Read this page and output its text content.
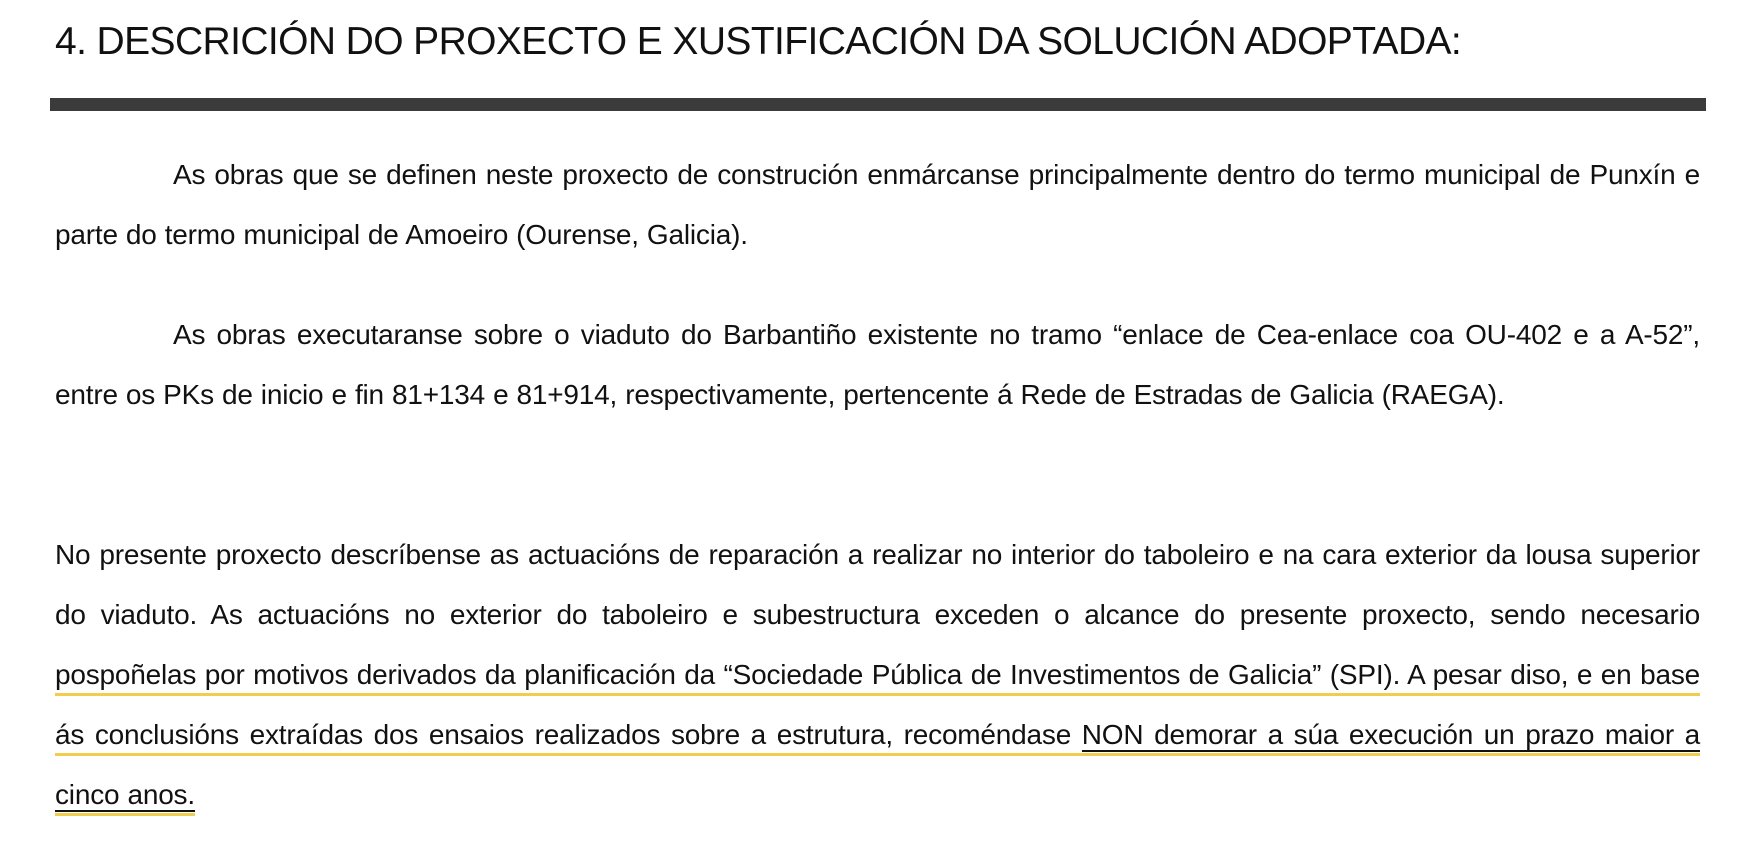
4. DESCRICIÓN DO PROXECTO E XUSTIFICACIÓN DA SOLUCIÓN ADOPTADA:

As obras que se definen neste proxecto de construción enmárcanse principalmente dentro do termo municipal de Punxín e parte do termo municipal de Amoeiro (Ourense, Galicia).

As obras executaranse sobre o viaduto do Barbantiño existente no tramo “enlace de Cea-enlace coa OU-402 e a A-52”, entre os PKs de inicio e fin 81+134 e 81+914, respectivamente, pertencente á Rede de Estradas de Galicia (RAEGA).

No presente proxecto descríbense as actuacións de reparación a realizar no interior do taboleiro e na cara exterior da lousa superior do viaduto. As actuacións no exterior do taboleiro e subestructura exceden o alcance do presente proxecto, sendo necesario pospoñelas por motivos derivados da planificación da “Sociedade Pública de Investimentos de Galicia” (SPI). A pesar diso, e en base ás conclusións extraídas dos ensaios realizados sobre a estrutura, recoméndase NON demorar a súa execución un prazo maior a cinco anos.
